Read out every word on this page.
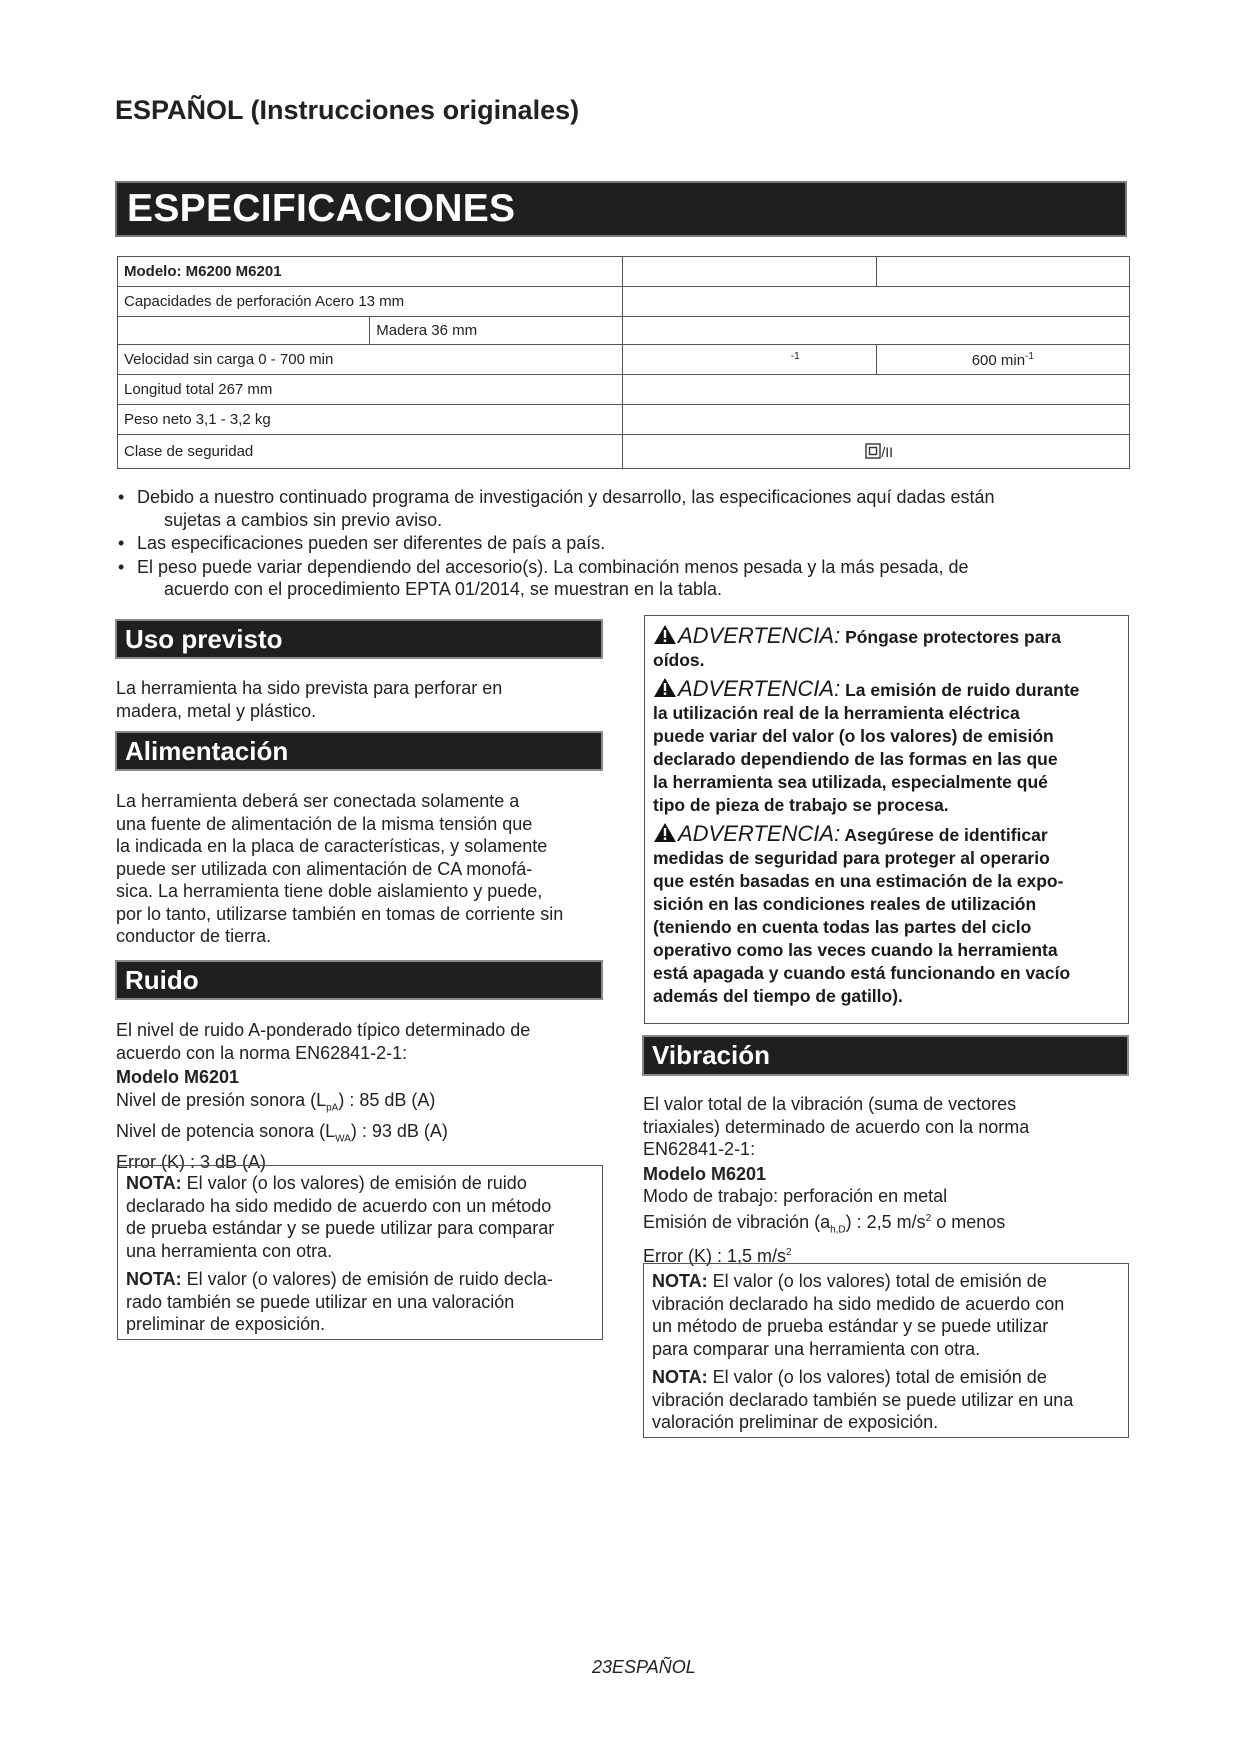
ESPAÑOL (Instrucciones originales)
ESPECIFICACIONES
Modelo: M6200 M6201			
Capacidades de perforación Acero 13 mm			
	Madera 36 mm		
Velocidad sin carga 0 - 700 min		$^{-1}$	600 $\min^{-1}$
Longitud total 267 mm			
Peso neto 3,1 - 3,2 kg			
Clase de seguridad		/II	
• Debido a nuestro continuado programa de investigación y desarrollo, las especificaciones aquí dadas están
sujetas a cambios sin previo aviso.
• Las especificaciones pueden ser diferentes de país a país.
• El peso puede variar dependiendo del accesorio(s). La combinación menos pesada y la más pesada, de
acuerdo con el procedimiento EPTA 01/2014, se muestran en la tabla.
Uso previsto
La herramienta ha sido prevista para perforar en
madera, metal y plástico.
Alimentación
La herramienta deberá ser conectada solamente a
una fuente de alimentación de la misma tensión que
la indicada en la placa de características, y solamente
puede ser utilizada con alimentación de CA monofá-
sica. La herramienta tiene doble aislamiento y puede,
por lo tanto, utilizarse también en tomas de corriente sin
conductor de tierra.
Ruido
El nivel de ruido A-ponderado típico determinado de
acuerdo con la norma EN62841-2-1:
Modelo M6201
Nivel de presión sonora $(L_{pA})$ : 85 dB (A)
Nivel de potencia sonora $(L_{WA})$ : 93 dB (A)
Error (K) : 3 dB (A)

NOTA: El valor (o los valores) de emisión de ruido
declarado ha sido medido de acuerdo con un método
de prueba estándar y se puede utilizar para comparar
una herramienta con otra.

NOTA: El valor (o valores) de emisión de ruido decla-
rado también se puede utilizar en una valoración
preliminar de exposición.

ADVERTENCIA: Póngase protectores para
oídos.
ADVERTENCIA: La emisión de ruido durante
la utilización real de la herramienta eléctrica
puede variar del valor (o los valores) de emisión
declarado dependiendo de las formas en las que
la herramienta sea utilizada, especialmente qué
tipo de pieza de trabajo se procesa.
ADVERTENCIA: Asegúrese de identificar
medidas de seguridad para proteger al operario
que estén basadas en una estimación de la expo-
sición en las condiciones reales de utilización
(teniendo en cuenta todas las partes del ciclo
operativo como las veces cuando la herramienta
está apagada y cuando está funcionando en vacío
además del tiempo de gatillo).
Vibración
El valor total de la vibración (suma de vectores
triaxiales) determinado de acuerdo con la norma
EN62841-2-1:
Modelo M6201
Modo de trabajo: perforación en metal
Emisión de vibración $(a_{h,D})$ : 2,5 $m/s^2$ o menos
Error (K) : 1,5 $m/s^2$

NOTA: El valor (o los valores) total de emisión de
vibración declarado ha sido medido de acuerdo con
un método de prueba estándar y se puede utilizar
para comparar una herramienta con otra.

NOTA: El valor (o los valores) total de emisión de
vibración declarado también se puede utilizar en una
valoración preliminar de exposición.

23ESPAÑOL
